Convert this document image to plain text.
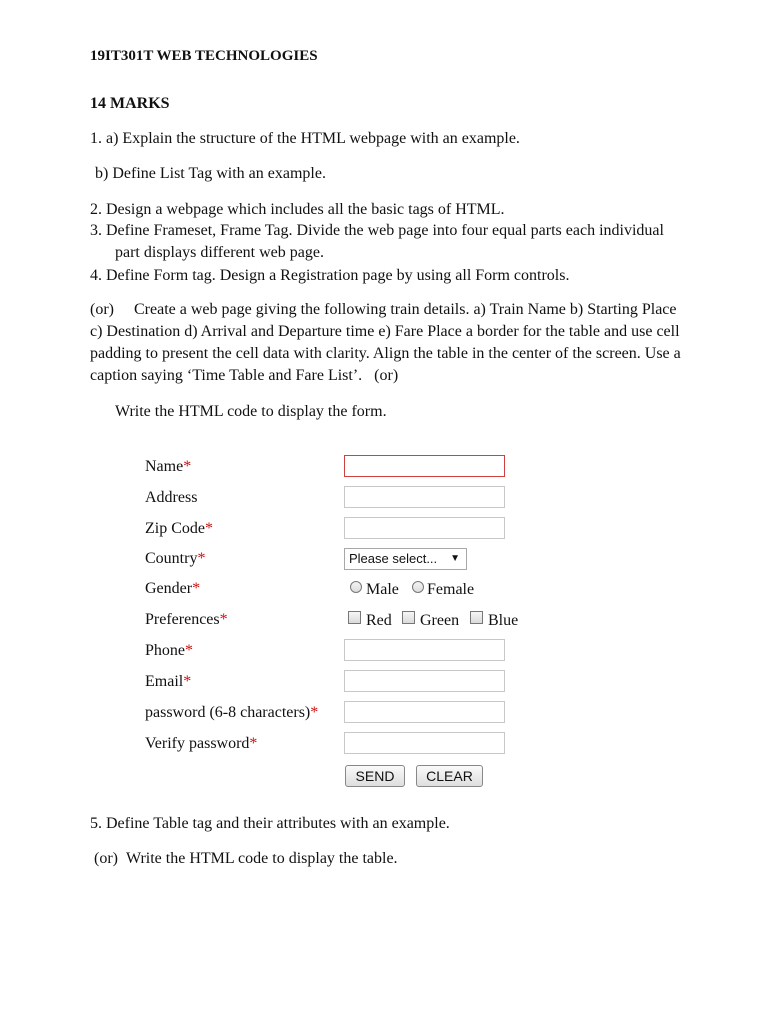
19IT301T WEB TECHNOLOGIES
14 MARKS
1. a) Explain the structure of the HTML webpage with an example.
b) Define List Tag with an example.
2. Design a webpage which includes all the basic tags of HTML.
3. Define Frameset, Frame Tag. Divide the web page into four equal parts each individual
part displays different web page.
4. Define Form tag. Design a Registration page by using all Form controls.
(or)     Create a web page giving the following train details. a) Train Name b) Starting Place c) Destination d) Arrival and Departure time e) Fare Place a border for the table and use cell padding to present the cell data with clarity. Align the table in the center of the screen. Use a caption saying ‘Time Table and Fare List’.   (or)
Write the HTML code to display the form.
Name*
Address
Zip Code*
Country*	Please select... ▼
Gender*	Male Female
Preferences*	Red Green Blue
Phone*
Email*
password (6-8 characters)*
Verify password*
SEND	CLEAR
5. Define Table tag and their attributes with an example.
(or)  Write the HTML code to display the table.
